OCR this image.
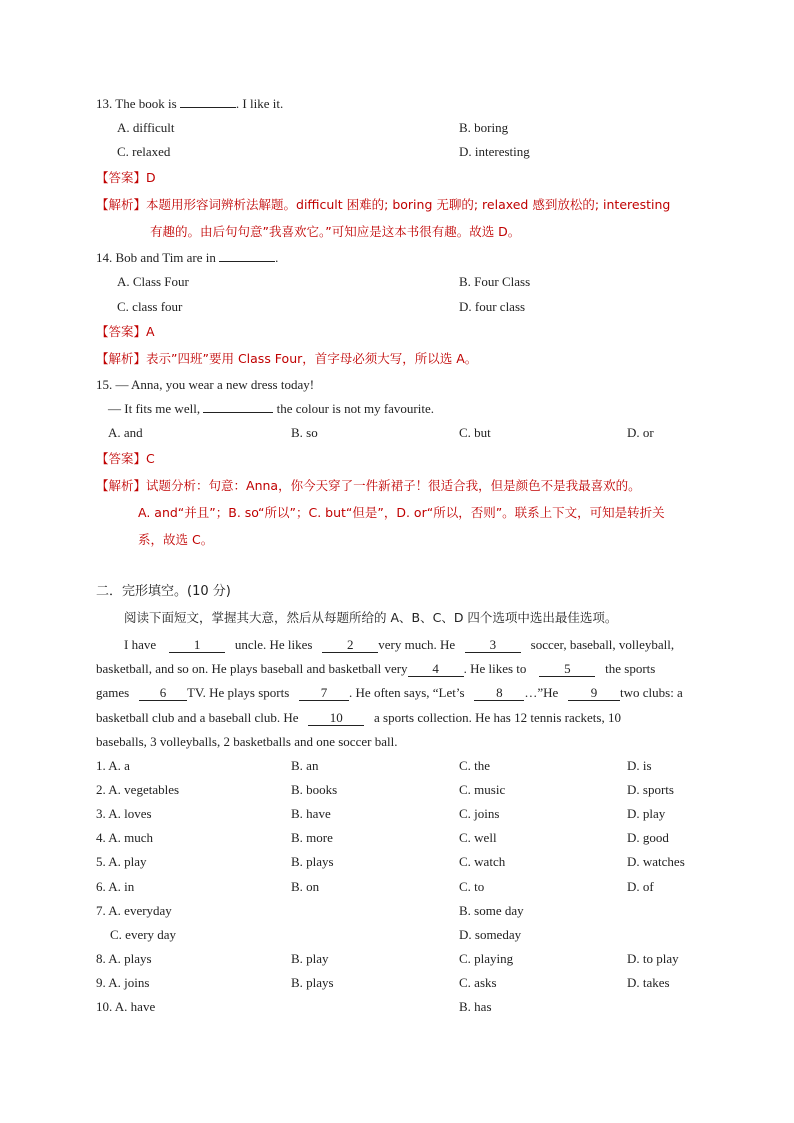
13. The book is	. I like it.
A. difficult	B. boring
C. relaxed	D. interesting
【答案】D
【解析】本题用形容词辨析法解题。difficult 困难的; boring 无聊的; relaxed 感到放松的; interesting
有趣的。由后句句意”我喜欢它。”可知应是这本书很有趣。故选 D。
14. Bob and Tim are in	.
A. Class Four	B. Four Class
C. class four	D. four class
【答案】A
【解析】表示”四班”要用 Class Four，首字母必须大写，所以选 A。
15. — Anna, you wear a new dress today!
— It fits me well,	the colour is not my favourite.
A. and	B. so	C. but	D. or
【答案】C
【解析】试题分析：句意：Anna，你今天穿了一件新裙子！很适合我，但是颜色不是我最喜欢的。
A. and“并且”；B. so“所以”；C. but“但是”，D. or“所以，否则”。联系上下文，可知是转折关
系，故选 C。
二．完形填空。(10 分)
阅读下面短文，掌握其大意，然后从每题所给的 A、B、C、D 四个选项中选出最佳选项。
I have	1	uncle. He likes	2 very much. He	3	soccer, baseball, volleyball,
basketball, and so on. He plays baseball and basketball very 4 . He likes to	5	the sports
games 6 TV. He plays sports 7 . He often says, “Let’s 8 …”He	9 two clubs: a
basketball club and a baseball club. He 10 a sports collection. He has 12 tennis rackets, 10
baseballs, 3 volleyballs, 2 basketballs and one soccer ball.
1. A. a	B. an	C. the	D. is
2. A. vegetables	B. books	C. music	D. sports
3. A. loves	B. have	C. joins	D. play
4. A. much	B. more	C. well	D. good
5. A. play	B. plays	C. watch	D. watches
6. A. in	B. on	C. to	D. of
7. A. everyday	B. some day
C. every day	D. someday
8. A. plays	B. play	C. playing	D. to play
9. A. joins	B. plays	C. asks	D. takes
10. A. have	B. has
